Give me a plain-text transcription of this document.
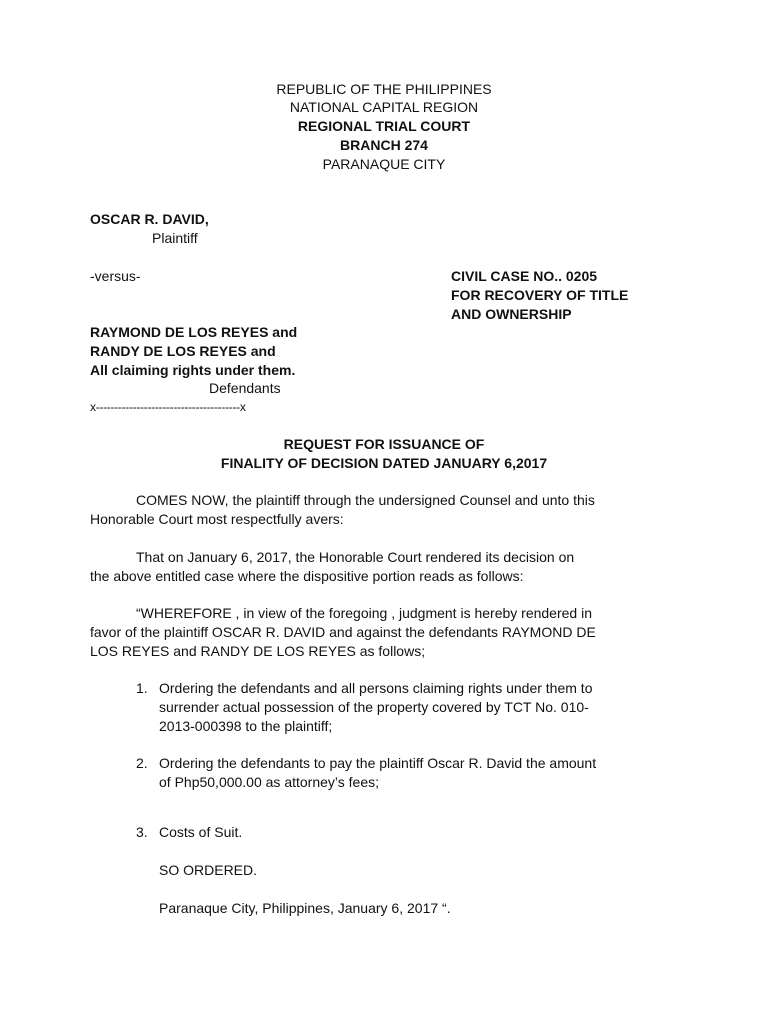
REPUBLIC OF THE PHILIPPINES
NATIONAL CAPITAL REGION
REGIONAL TRIAL COURT
BRANCH 274
PARANAQUE CITY
OSCAR R. DAVID,
Plaintiff
-versus-	CIVIL CASE NO.. 0205
FOR RECOVERY OF TITLE
AND OWNERSHIP
RAYMOND DE LOS REYES and
RANDY DE LOS REYES and
All claiming rights under them.
Defendants
x---------------------------------------x
REQUEST FOR ISSUANCE OF
FINALITY OF DECISION DATED JANUARY 6,2017
COMES NOW, the plaintiff through the undersigned Counsel and unto this
Honorable Court most respectfully avers:
That on January 6, 2017, the Honorable Court rendered its decision on
the above entitled case where the dispositive portion reads as follows:
“WHEREFORE , in view of the foregoing , judgment is hereby rendered in
favor of the plaintiff OSCAR R. DAVID and against the defendants RAYMOND DE
LOS REYES and RANDY DE LOS REYES as follows;
1. Ordering the defendants and all persons claiming rights under them to
surrender actual possession of the property covered by TCT No. 010-
2013-000398 to the plaintiff;
2. Ordering the defendants to pay the plaintiff Oscar R. David the amount
of Php50,000.00 as attorney’s fees;
3. Costs of Suit.
SO ORDERED.
Paranaque City, Philippines, January 6, 2017 “.
